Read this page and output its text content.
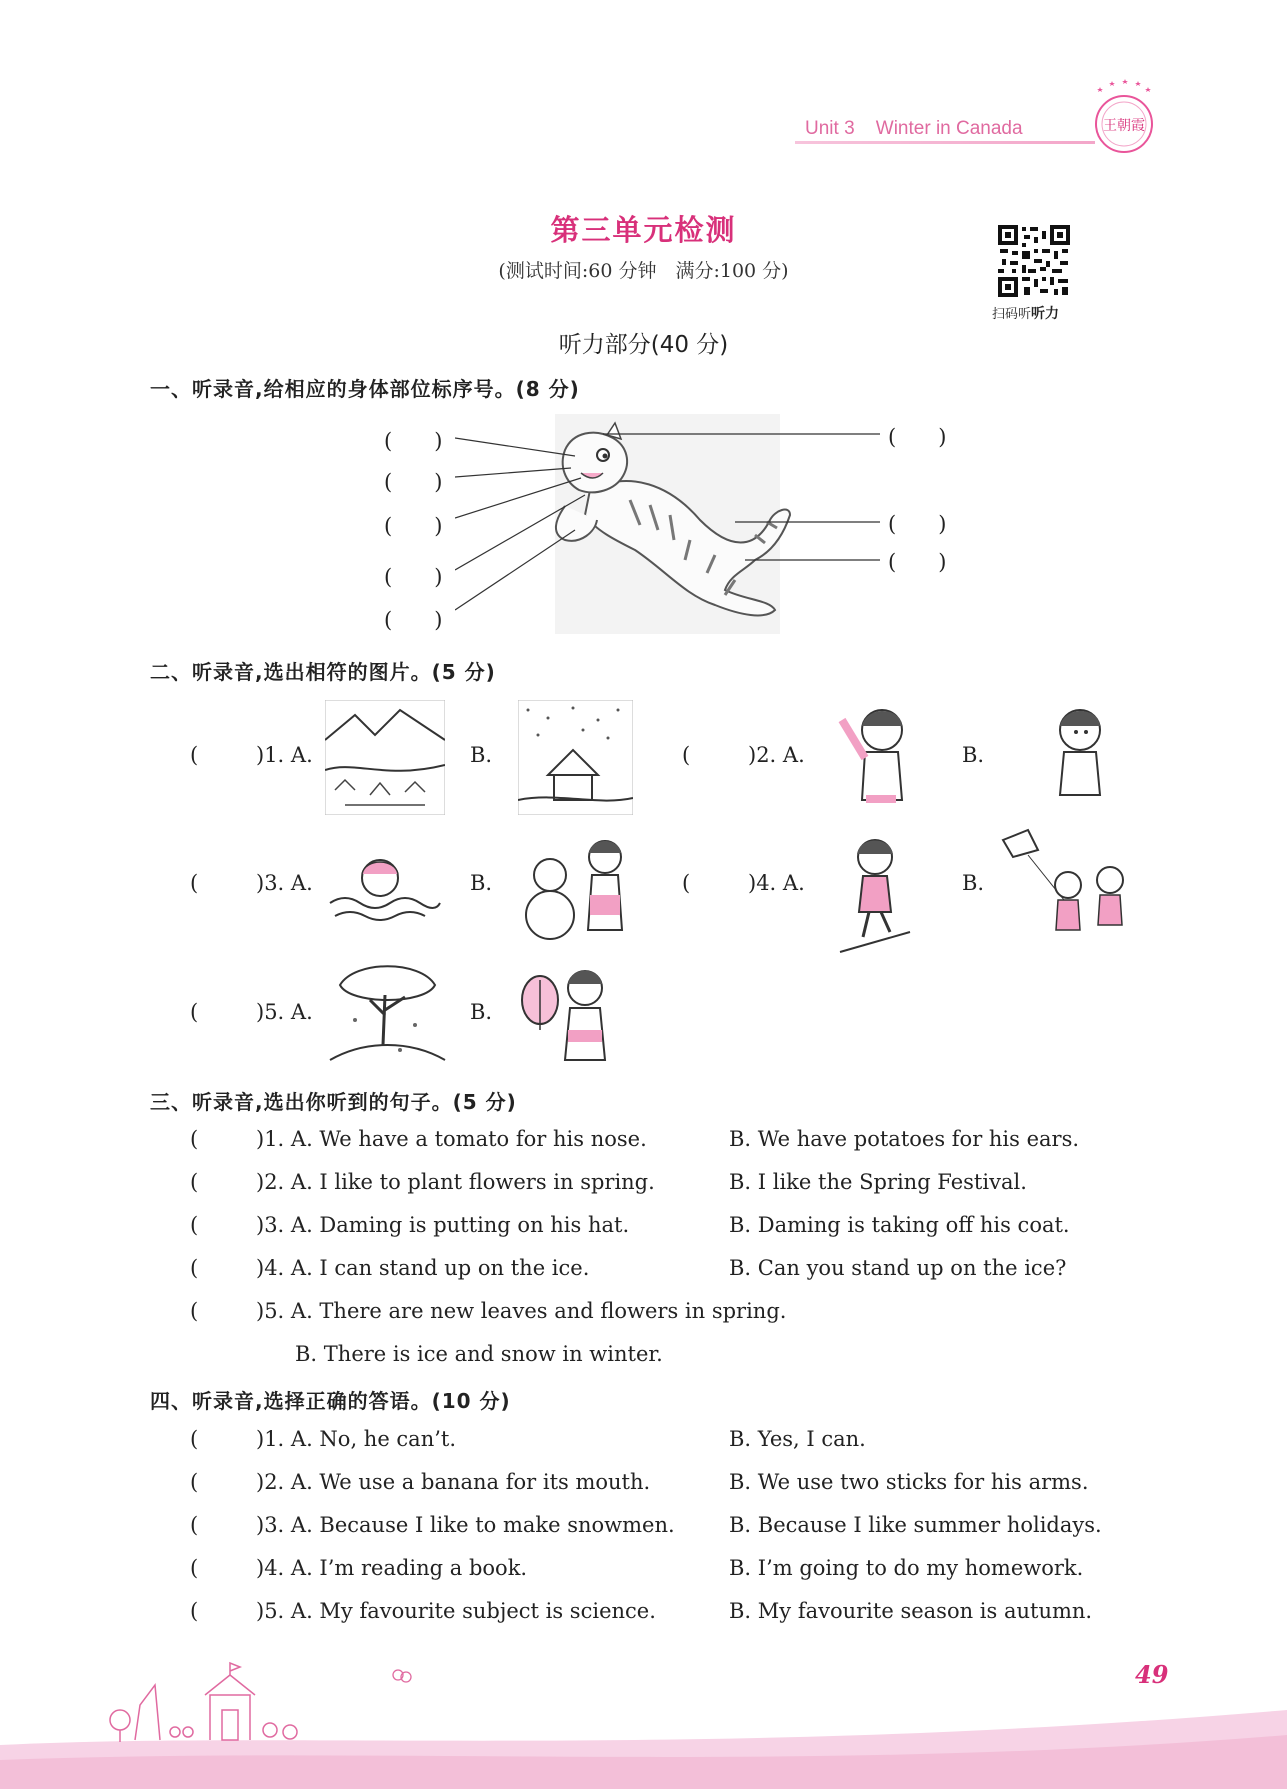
Unit 3 Winter in Canada	王朝霞
第三单元检测
(测试时间:60 分钟　满分:100 分)
扫码听听力
听力部分(40 分)
一、听录音,给相应的身体部位标序号。(8 分)
(　　)
(　　)
(　　)
(　　)
(　　)
(　　)
(　　)
(　　)
二、听录音,选出相符的图片。(5 分)
(	)1. A.	B.	(	)2. A.	B.
(	)3. A.	B.	(	)4. A.	B.
(	)5. A.	B.
三、听录音,选出你听到的句子。(5 分)
(	)1. A. We have a tomato for his nose.	B. We have potatoes for his ears.
(	)2. A. I like to plant flowers in spring.	B. I like the Spring Festival.
(	)3. A. Daming is putting on his hat.	B. Daming is taking off his coat.
(	)4. A. I can stand up on the ice.	B. Can you stand up on the ice?
(	)5. A. There are new leaves and flowers in spring.
B. There is ice and snow in winter.
四、听录音,选择正确的答语。(10 分)
(	)1. A. No, he can’t.	B. Yes, I can.
(	)2. A. We use a banana for its mouth.	B. We use two sticks for his arms.
(	)3. A. Because I like to make snowmen.	B. Because I like summer holidays.
(	)4. A. I’m reading a book.	B. I’m going to do my homework.
(	)5. A. My favourite subject is science.	B. My favourite season is autumn.
49
